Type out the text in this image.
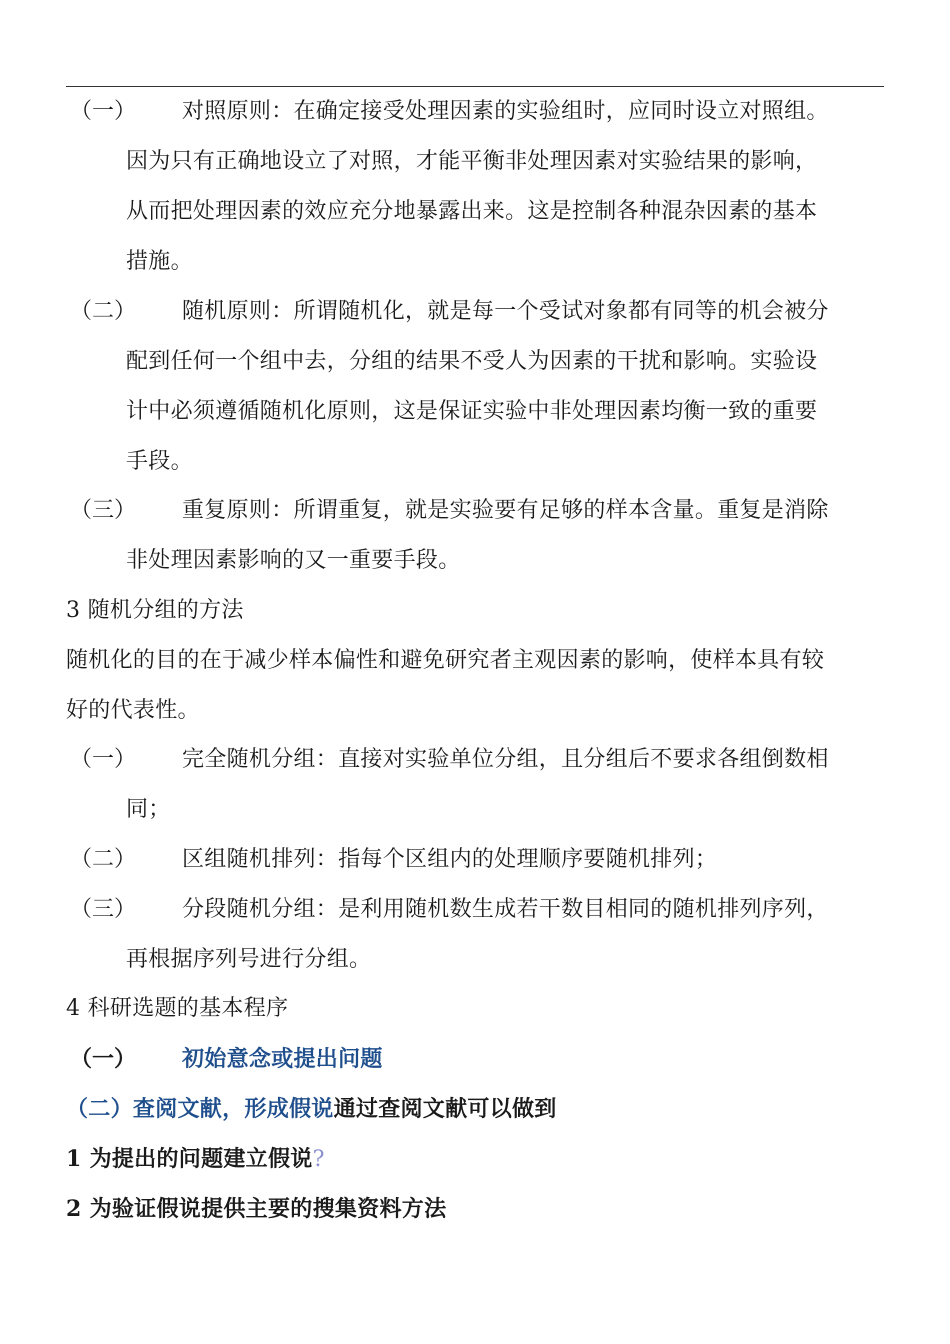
（一） 对照原则：在确定接受处理因素的实验组时，应同时设立对照组。
因为只有正确地设立了对照，才能平衡非处理因素对实验结果的影响，
从而把处理因素的效应充分地暴露出来。这是控制各种混杂因素的基本
措施。
（二） 随机原则：所谓随机化，就是每一个受试对象都有同等的机会被分
配到任何一个组中去，分组的结果不受人为因素的干扰和影响。实验设
计中必须遵循随机化原则，这是保证实验中非处理因素均衡一致的重要
手段。
（三） 重复原则：所谓重复，就是实验要有足够的样本含量。重复是消除
非处理因素影响的又一重要手段。
3 随机分组的方法
随机化的目的在于减少样本偏性和避免研究者主观因素的影响，使样本具有较
好的代表性。
（一） 完全随机分组：直接对实验单位分组，且分组后不要求各组倒数相
同；
（二） 区组随机排列：指每个区组内的处理顺序要随机排列；
（三） 分段随机分组：是利用随机数生成若干数目相同的随机排列序列，
再根据序列号进行分组。
4 科研选题的基本程序
（一） 初始意念或提出问题
（二）查阅文献，形成假说通过查阅文献可以做到
1 为提出的问题建立假说?
2 为验证假说提供主要的搜集资料方法
